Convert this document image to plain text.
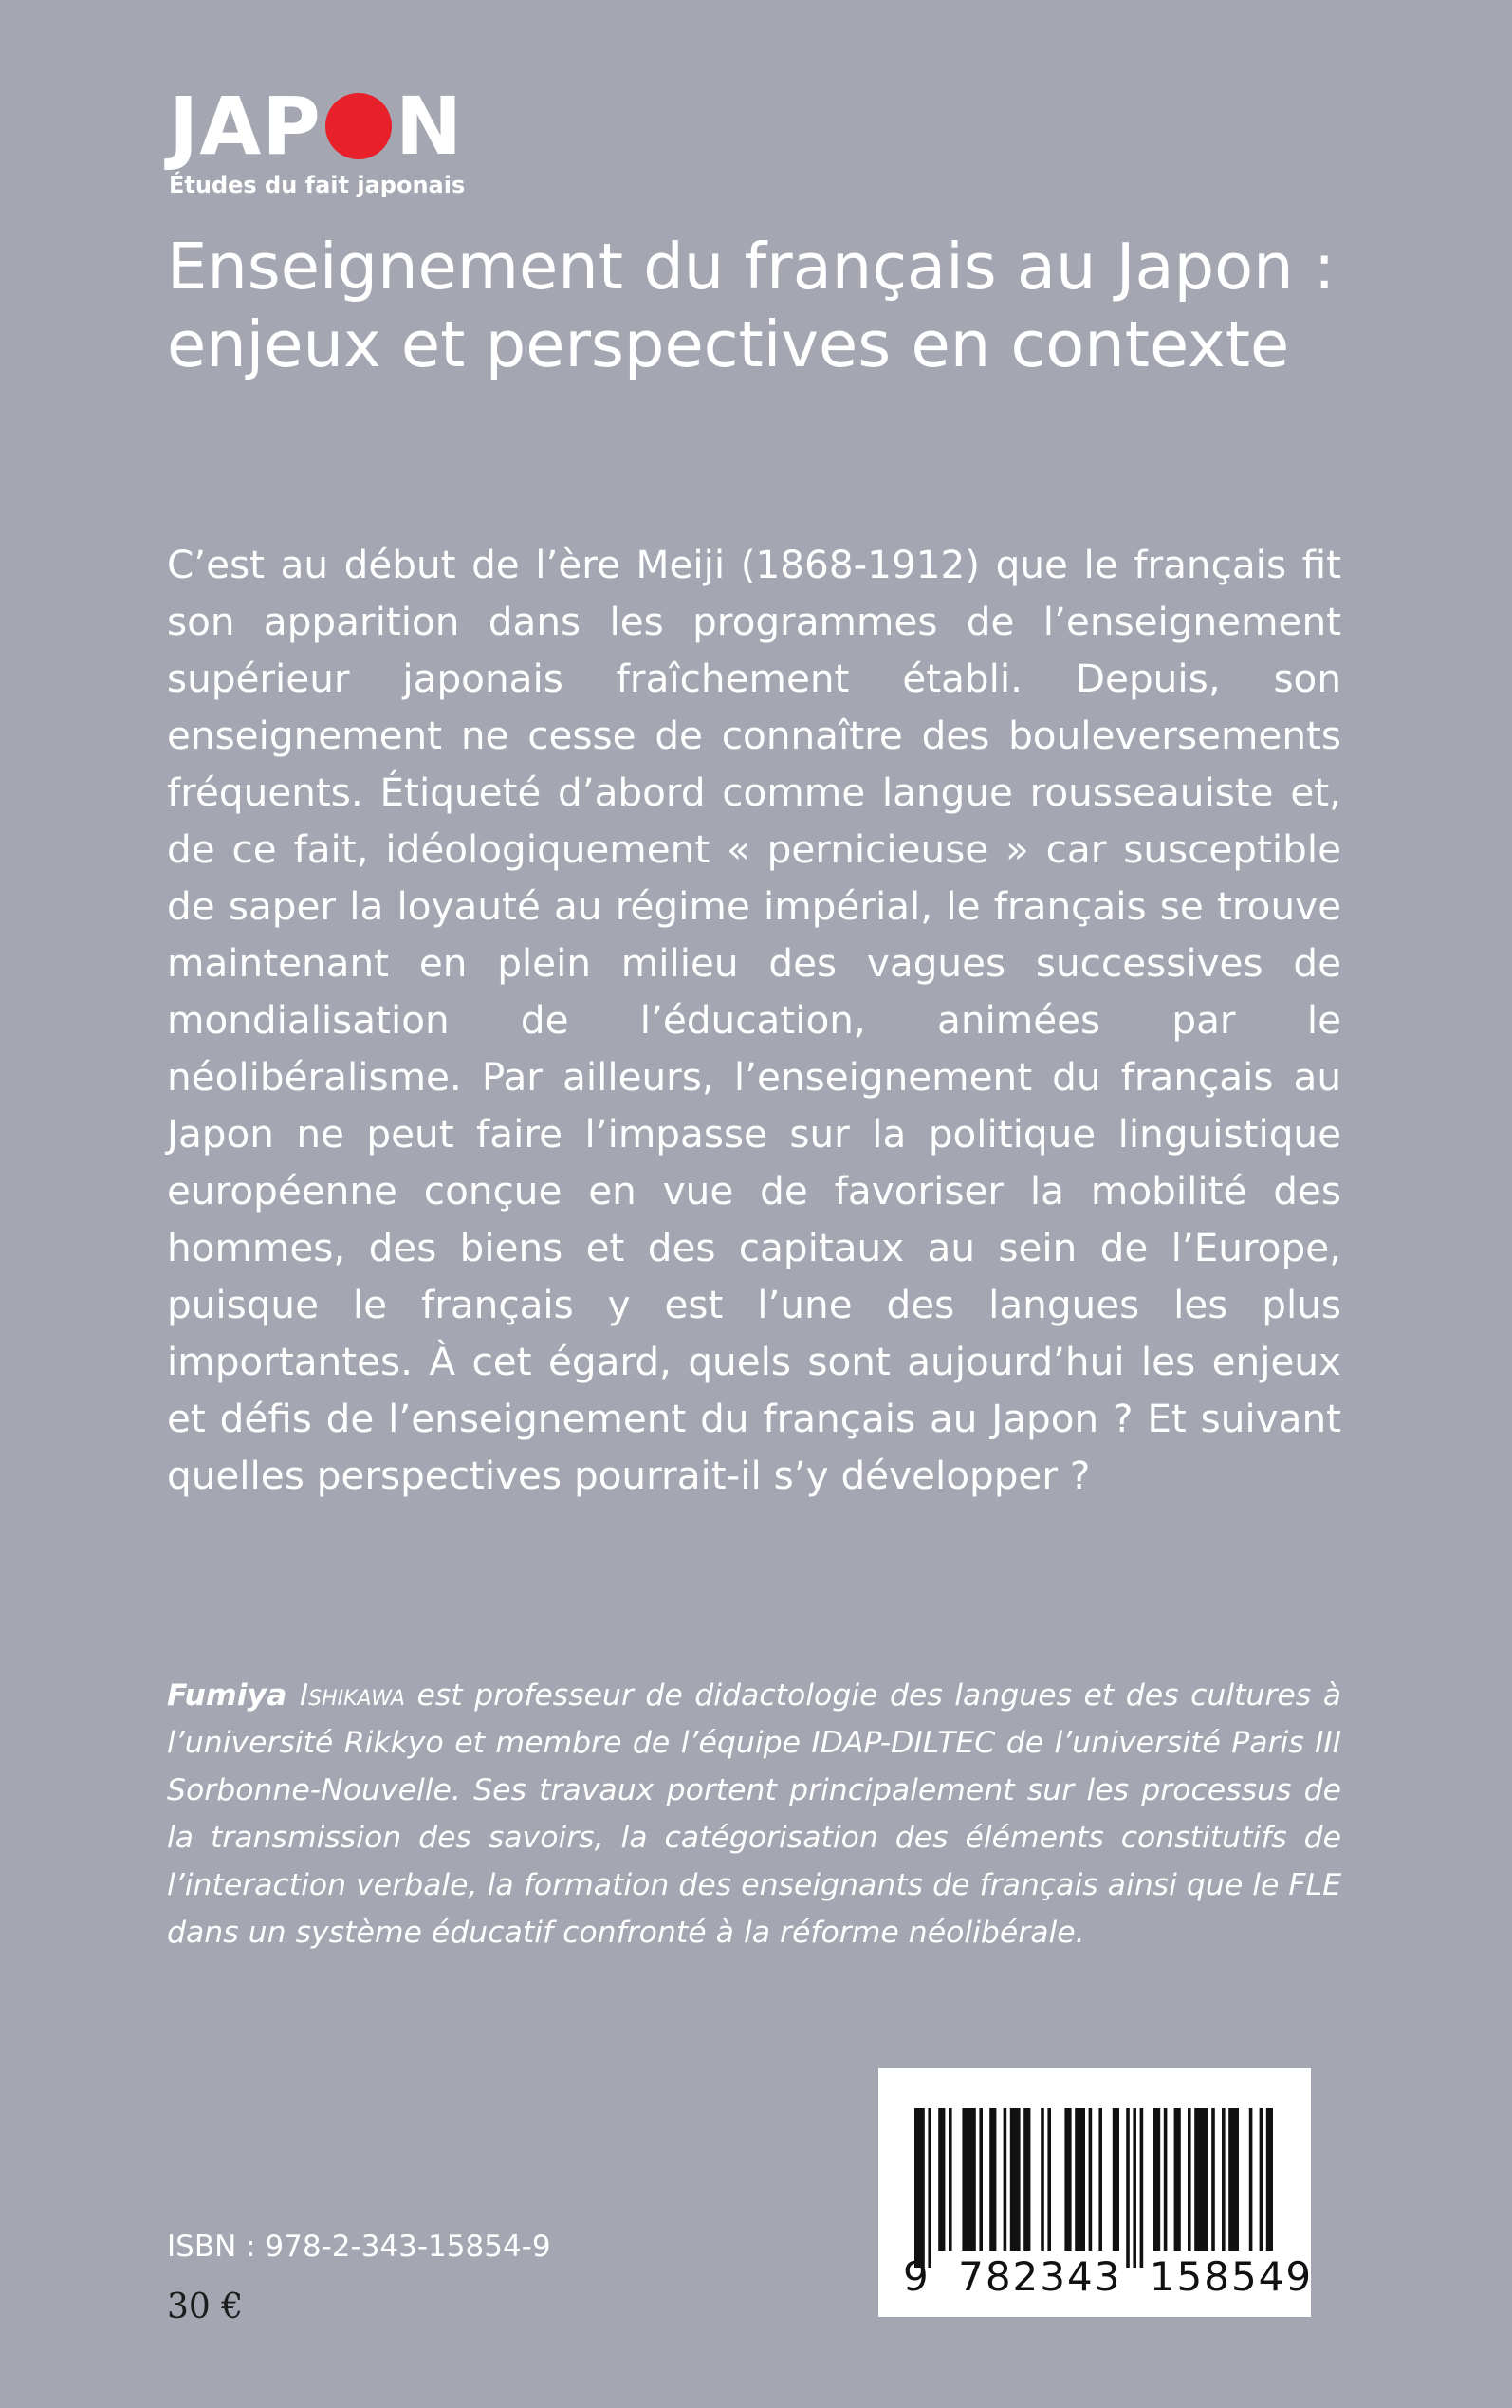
JAP N
Études du fait japonais
Enseignement du français au Japon :
enjeux et perspectives en contexte

C’est au début de l’ère Meiji (1868-1912) que le français fit son apparition dans les programmes de l’enseignement supérieur japonais fraîchement établi. Depuis, son enseignement ne cesse de connaître des bouleversements fréquents. Étiqueté d’abord comme langue rousseauiste et, de ce fait, idéologiquement « pernicieuse » car susceptible de saper la loyauté au régime impérial, le français se trouve maintenant en plein milieu des vagues successives de mondialisation de l’éducation, animées par le néolibéralisme. Par ailleurs, l’enseignement du français au Japon ne peut faire l’impasse sur la politique linguistique européenne conçue en vue de favoriser la mobilité des hommes, des biens et des capitaux au sein de l’Europe, puisque le français y est l’une des langues les plus importantes. À cet égard, quels sont aujourd’hui les enjeux et défis de l’enseignement du français au Japon ? Et suivant quelles perspectives pourrait-il s’y développer ?

Fumiya Ishikawa est professeur de didactologie des langues et des cultures à l’université Rikkyo et membre de l’équipe IDAP-DILTEC de l’université Paris III Sorbonne-Nouvelle. Ses travaux portent principalement sur les processus de la transmission des savoirs, la catégorisation des éléments constitutifs de l’interaction verbale, la formation des enseignants de français ainsi que le FLE dans un système éducatif confronté à la réforme néolibérale.

ISBN : 978-2-343-15854-9
30 €
9 782343 158549
